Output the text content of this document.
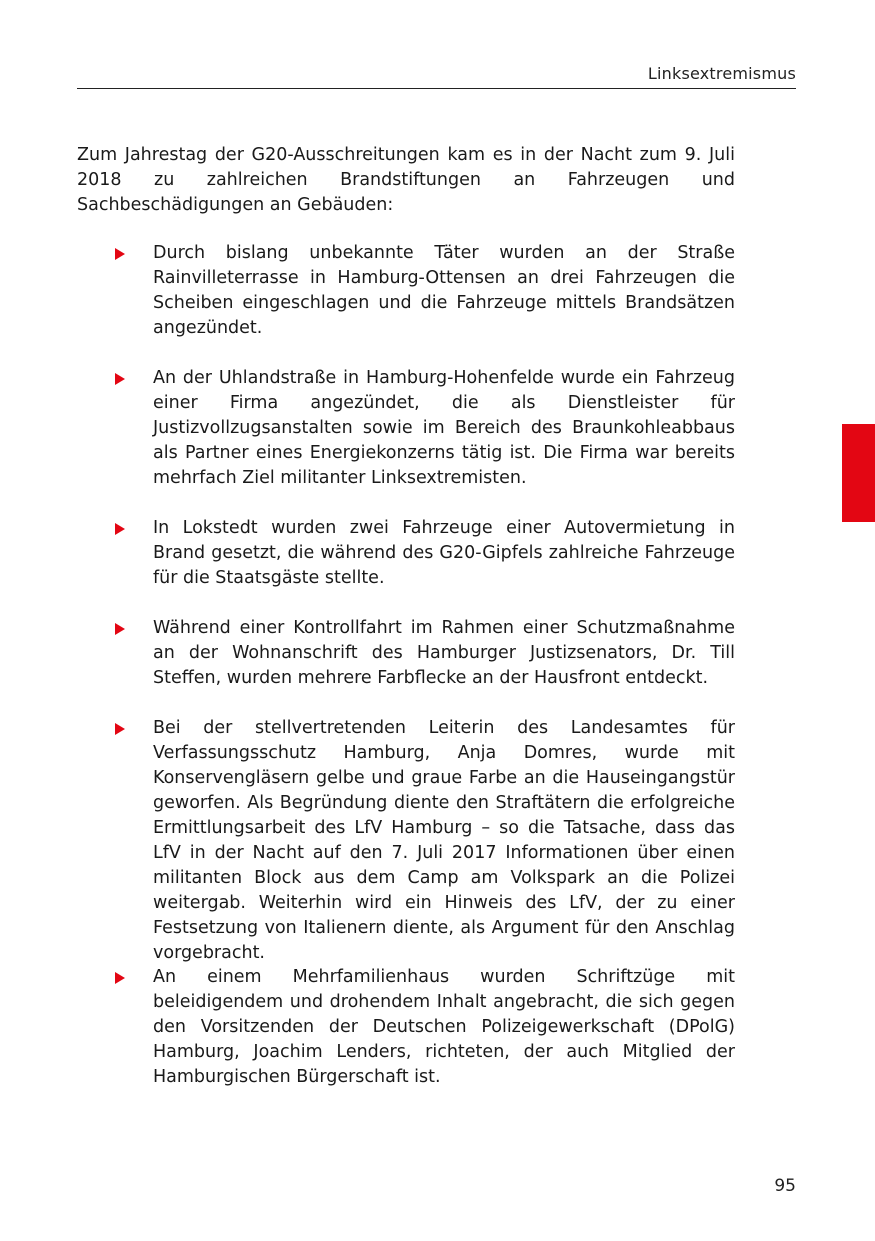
Linksextremismus

Zum Jahrestag der G20-Ausschreitungen kam es in der Nacht zum 9. Juli 2018 zu zahlreichen Brandstiftungen an Fahrzeugen und Sachbeschädigungen an Gebäuden:

Durch bislang unbekannte Täter wurden an der Straße Rainvilleterrasse in Hamburg-Ottensen an drei Fahrzeugen die Scheiben eingeschlagen und die Fahrzeuge mittels Brandsätzen angezündet.
An der Uhlandstraße in Hamburg-Hohenfelde wurde ein Fahrzeug einer Firma angezündet, die als Dienstleister für Justizvollzugsanstalten sowie im Bereich des Braunkohleabbaus als Partner eines Energiekonzerns tätig ist. Die Firma war bereits mehrfach Ziel militanter Linksextremisten.
In Lokstedt wurden zwei Fahrzeuge einer Autovermietung in Brand gesetzt, die während des G20-Gipfels zahlreiche Fahrzeuge für die Staatsgäste stellte.
Während einer Kontrollfahrt im Rahmen einer Schutzmaßnahme an der Wohnanschrift des Hamburger Justizsenators, Dr. Till Steffen, wurden mehrere Farbflecke an der Hausfront entdeckt.
Bei der stellvertretenden Leiterin des Landesamtes für Verfassungsschutz Hamburg, Anja Domres, wurde mit Konservengläsern gelbe und graue Farbe an die Hauseingangstür geworfen. Als Begründung diente den Straftätern die erfolgreiche Ermittlungsarbeit des LfV Hamburg – so die Tatsache, dass das LfV in der Nacht auf den 7. Juli 2017 Informationen über einen militanten Block aus dem Camp am Volkspark an die Polizei weitergab. Weiterhin wird ein Hinweis des LfV, der zu einer Festsetzung von Italienern diente, als Argument für den Anschlag vorgebracht.
An einem Mehrfamilienhaus wurden Schriftzüge mit beleidigendem und drohendem Inhalt angebracht, die sich gegen den Vorsitzenden der Deutschen Polizeigewerkschaft (DPolG) Hamburg, Joachim Lenders, richteten, der auch Mitglied der Hamburgischen Bürgerschaft ist.
95
